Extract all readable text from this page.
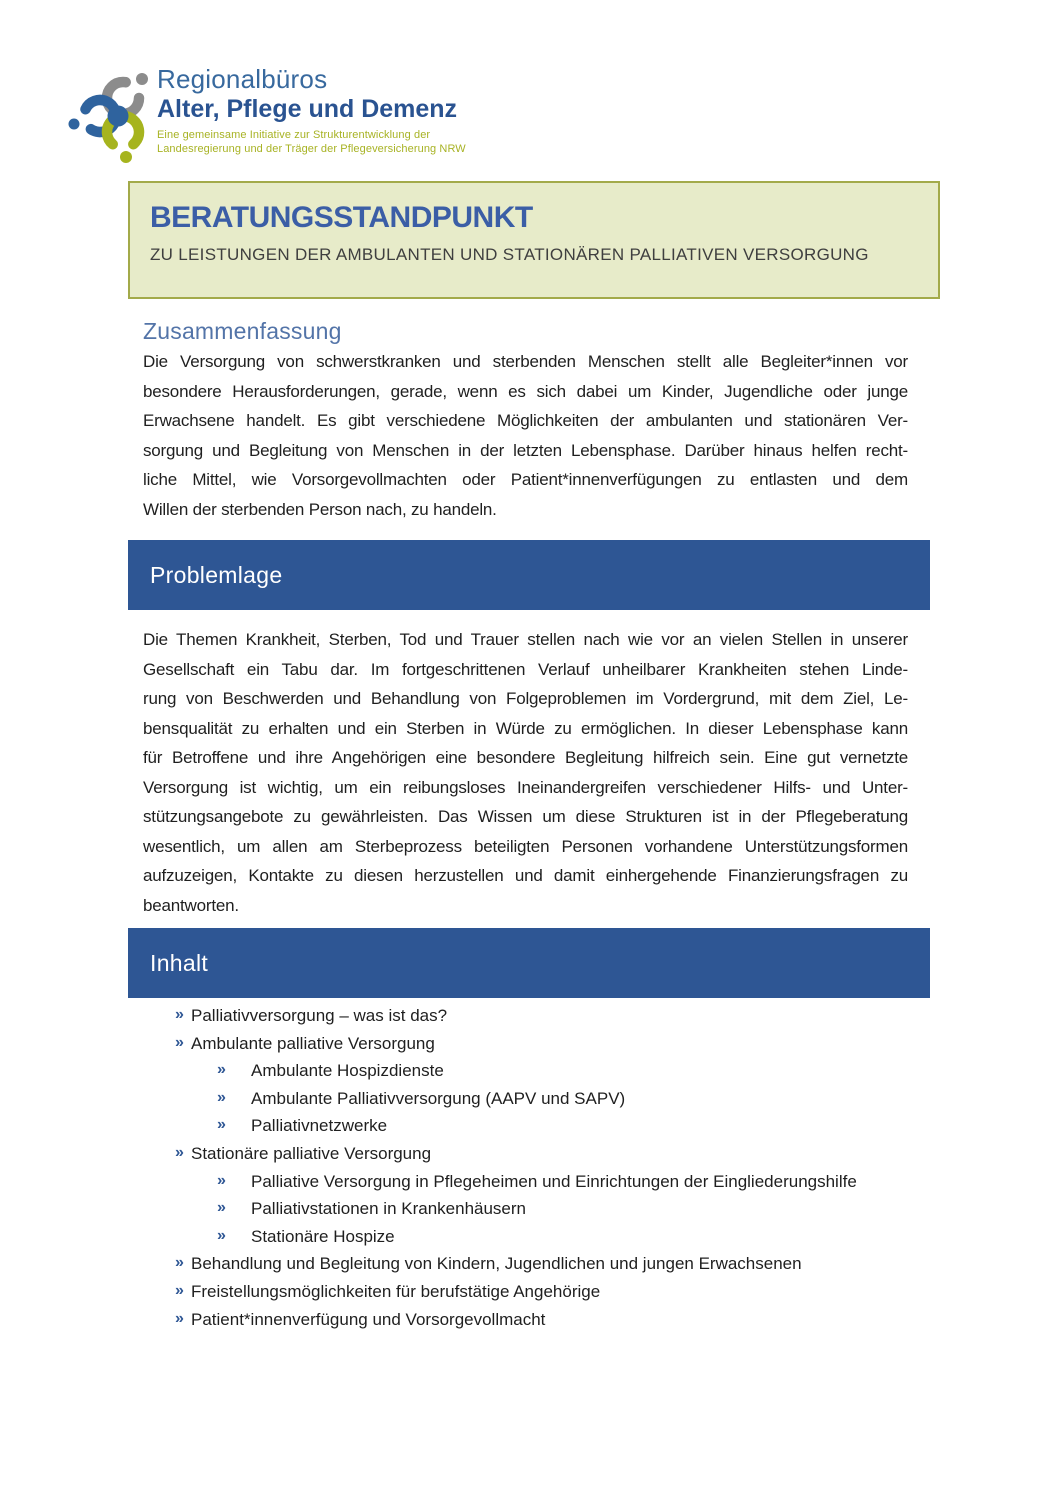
Regionalbüros
Alter, Pflege und Demenz
Eine gemeinsame Initiative zur Strukturentwicklung der
Landesregierung und der Träger der Pflegeversicherung NRW
BERATUNGSSTANDPUNKT
ZU LEISTUNGEN DER AMBULANTEN UND STATIONÄREN PALLIATIVEN VERSORGUNG
Zusammenfassung
Die Versorgung von schwerstkranken und sterbenden Menschen stellt alle Begleiter*innen vor
besondere Herausforderungen, gerade, wenn es sich dabei um Kinder, Jugendliche oder junge
Erwachsene handelt. Es gibt verschiedene Möglichkeiten der ambulanten und stationären Ver-
sorgung und Begleitung von Menschen in der letzten Lebensphase. Darüber hinaus helfen recht-
liche Mittel, wie Vorsorgevollmachten oder Patient*innenverfügungen zu entlasten und dem
Willen der sterbenden Person nach, zu handeln.
Problemlage
Die Themen Krankheit, Sterben, Tod und Trauer stellen nach wie vor an vielen Stellen in unserer
Gesellschaft ein Tabu dar. Im fortgeschrittenen Verlauf unheilbarer Krankheiten stehen Linde-
rung von Beschwerden und Behandlung von Folgeproblemen im Vordergrund, mit dem Ziel, Le-
bensqualität zu erhalten und ein Sterben in Würde zu ermöglichen. In dieser Lebensphase kann
für Betroffene und ihre Angehörigen eine besondere Begleitung hilfreich sein. Eine gut vernetzte
Versorgung ist wichtig, um ein reibungsloses Ineinandergreifen verschiedener Hilfs- und Unter-
stützungsangebote zu gewährleisten. Das Wissen um diese Strukturen ist in der Pflegeberatung
wesentlich, um allen am Sterbeprozess beteiligten Personen vorhandene Unterstützungsformen
aufzuzeigen, Kontakte zu diesen herzustellen und damit einhergehende Finanzierungsfragen zu
beantworten.
Inhalt
» Palliativversorgung – was ist das?
» Ambulante palliative Versorgung
» Ambulante Hospizdienste
» Ambulante Palliativversorgung (AAPV und SAPV)
» Palliativnetzwerke
» Stationäre palliative Versorgung
» Palliative Versorgung in Pflegeheimen und Einrichtungen der Eingliederungshilfe
» Palliativstationen in Krankenhäusern
» Stationäre Hospize
» Behandlung und Begleitung von Kindern, Jugendlichen und jungen Erwachsenen
» Freistellungsmöglichkeiten für berufstätige Angehörige
» Patient*innenverfügung und Vorsorgevollmacht
